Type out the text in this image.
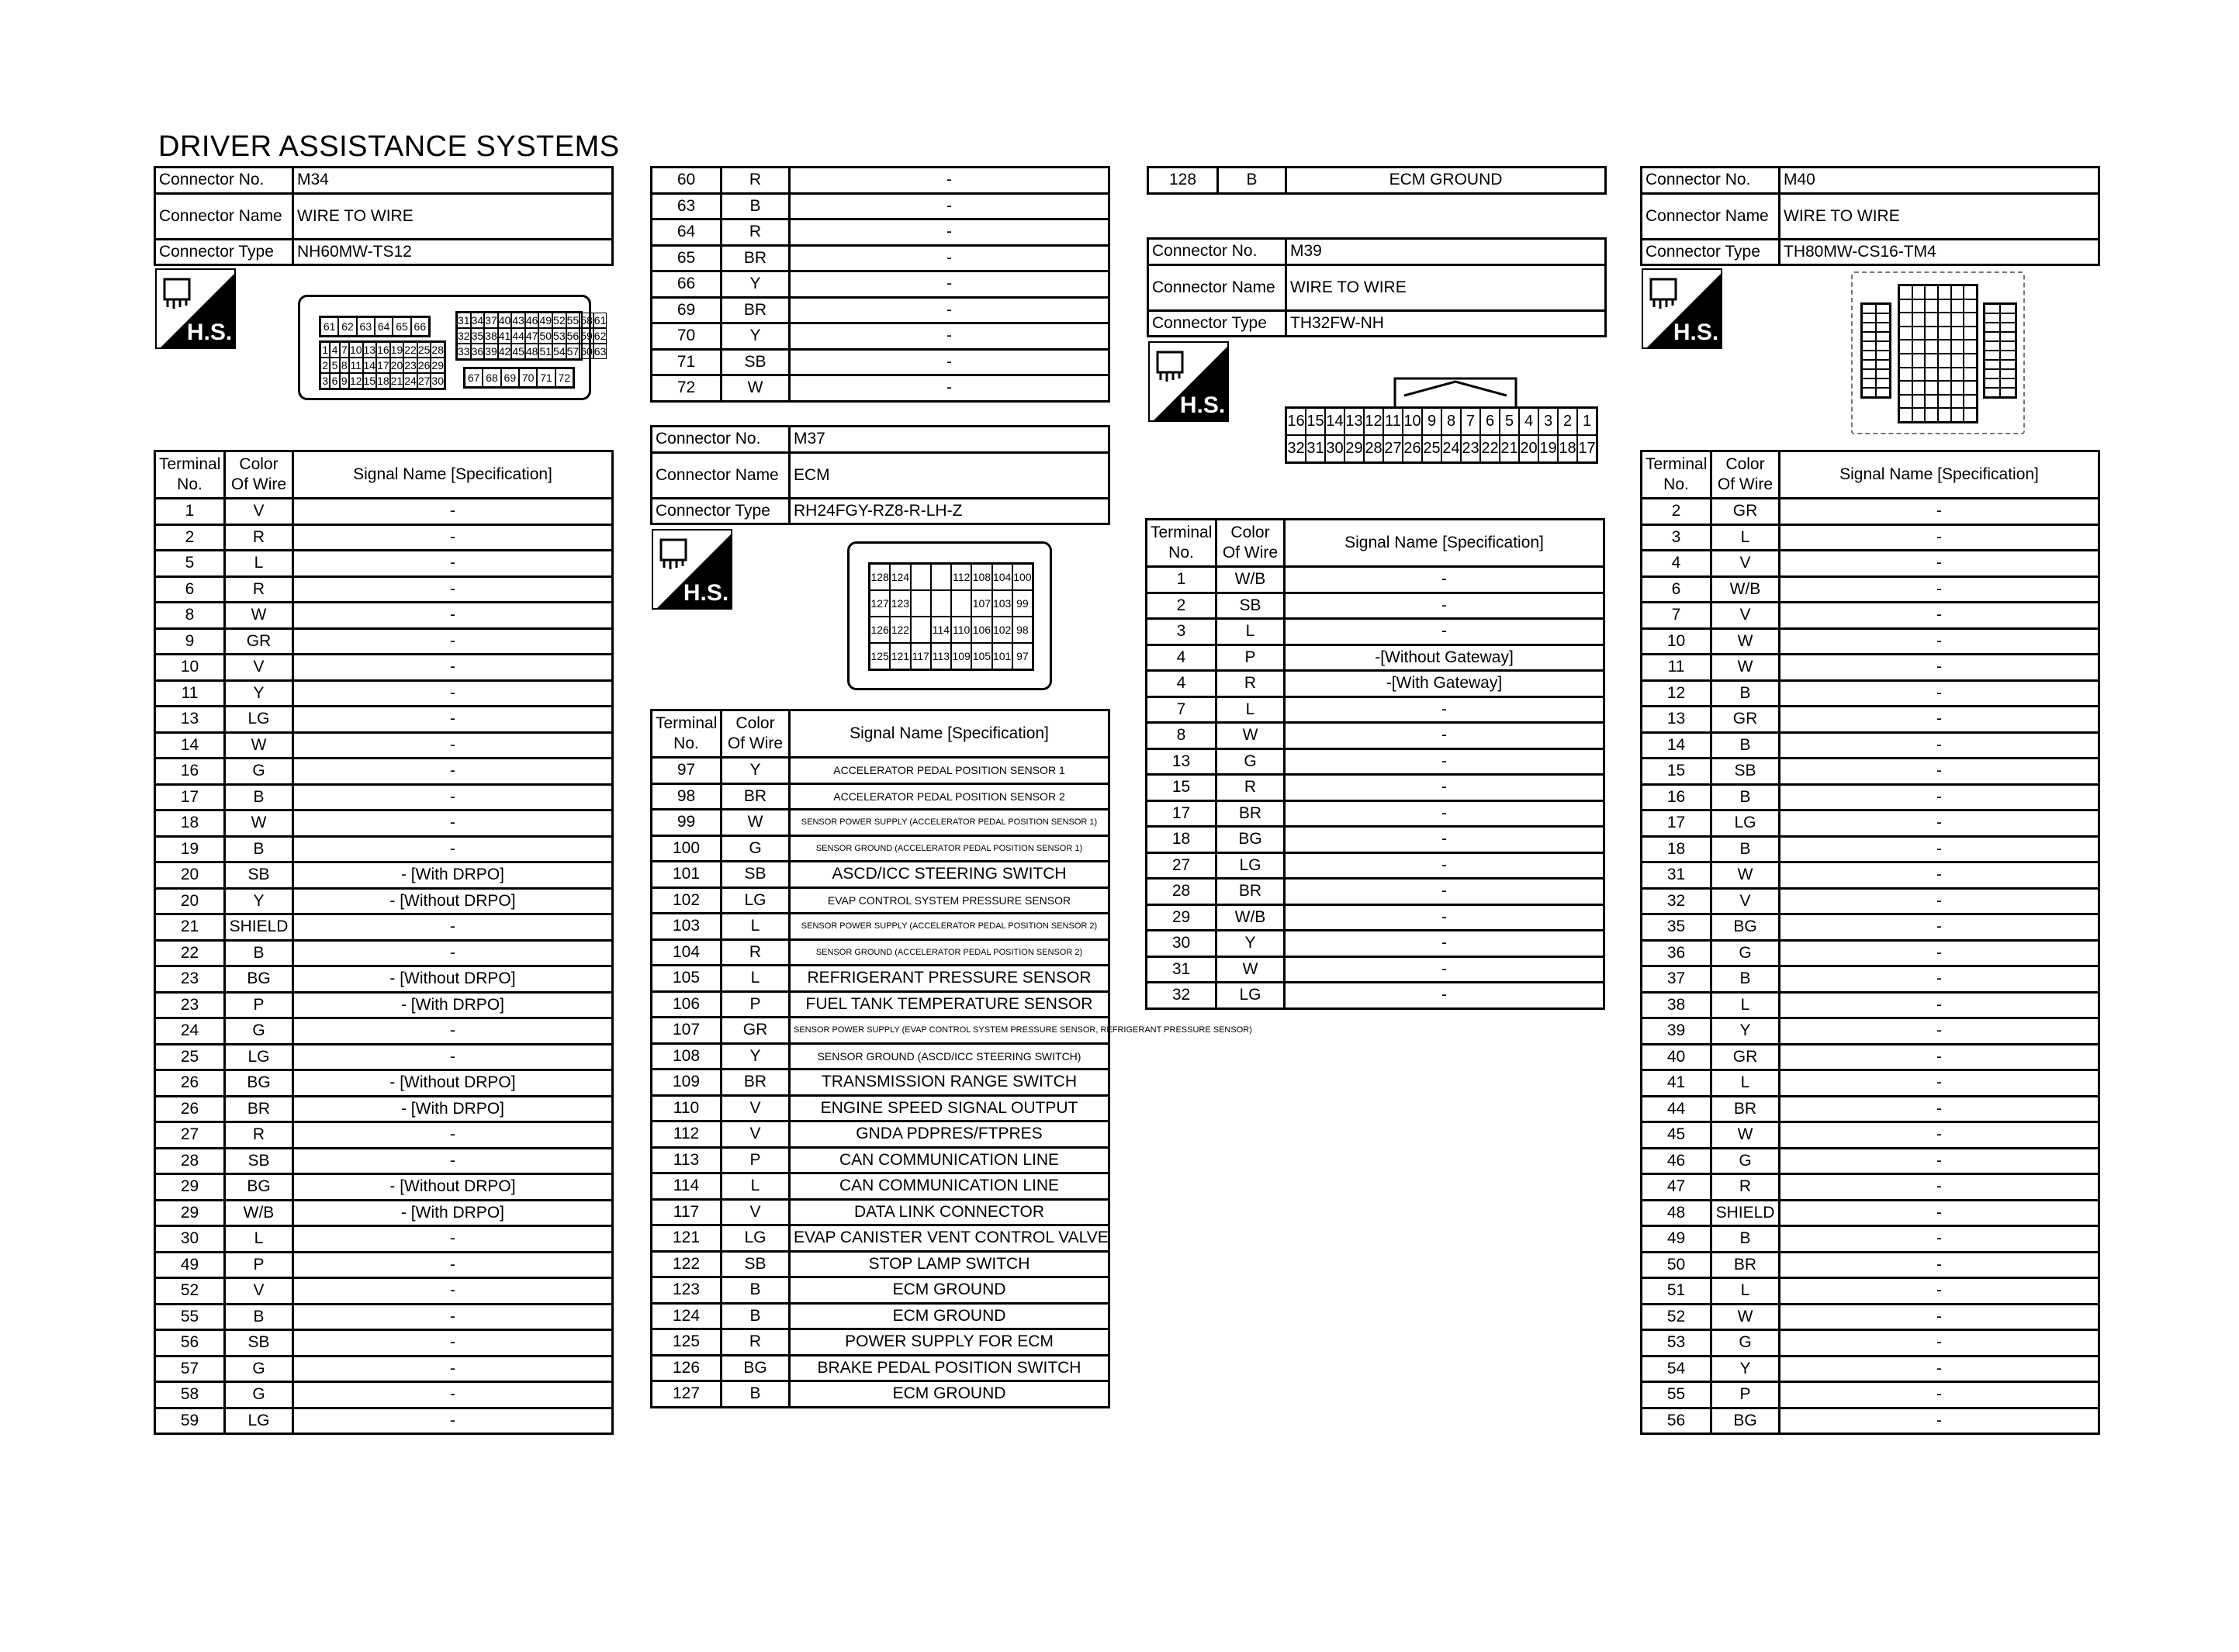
DRIVER ASSISTANCE SYSTEMS
Connector No.	M34
Connector Name	WIRE TO WIRE
Connector Type	NH60MW-TS12
H.S.	31 34 37 40 43 46 49 52 55 58 61
32 35 38 41 44 47 50 53 56 59 62
33 36 39 42 45 48 51 54 57 60 63
61 62 63 64 65 66
1 4 7 10 13 16 19 22 25 28
2 5 8 11 14 17 20 23 26 29
3 6 9 12 15 18 21 24 27 30 67 68 69 70 71 72
Terminal No.	Color Of Wire	Signal Name [Specification]
1	V	-
2	R	-
5	L	-
6	R	-
8	W	-
9	GR	-
10	V	-
11	Y	-
13	LG	-
14	W	-
16	G	-
17	B	-
18	W	-
19	B	-
20	SB	- [With DRPO]
20	Y	- [Without DRPO]
21	SHIELD	-
22	B	-
23	BG	- [Without DRPO]
23	P	- [With DRPO]
24	G	-
25	LG	-
26	BG	- [Without DRPO]
26	BR	- [With DRPO]
27	R	-
28	SB	-
29	BG	- [Without DRPO]
29	W/B	- [With DRPO]
30	L	-
49	P	-
52	V	-
55	B	-
56	SB	-
57	G	-
58	G	-
59	LG	-
60	R	-
63	B	-
64	R	-
65	BR	-
66	Y	-
69	BR	-
70	Y	-
71	SB	-
72	W	-
Connector No.	M37
Connector Name	ECM
Connector Type	RH24FGY-RZ8-R-LH-Z
H.S.
128 124	112 108 104 100
127 123	107 103 99
126 122 114 110 106 102 98
125 121 117 113 109 105 101 97
Terminal No.	Color Of Wire	Signal Name [Specification]
97	Y	ACCELERATOR PEDAL POSITION SENSOR 1
98	BR	ACCELERATOR PEDAL POSITION SENSOR 2
99	W	SENSOR POWER SUPPLY (ACCELERATOR PEDAL POSITION SENSOR 1)
100	G	SENSOR GROUND (ACCELERATOR PEDAL POSITION SENSOR 1)
101	SB	ASCD/ICC STEERING SWITCH
102	LG	EVAP CONTROL SYSTEM PRESSURE SENSOR
103	L	SENSOR POWER SUPPLY (ACCELERATOR PEDAL POSITION SENSOR 2)
104	R	SENSOR GROUND (ACCELERATOR PEDAL POSITION SENSOR 2)
105	L	REFRIGERANT PRESSURE SENSOR
106	P	FUEL TANK TEMPERATURE SENSOR
107	GR	SENSOR POWER SUPPLY (EVAP CONTROL SYSTEM PRESSURE SENSOR, REFRIGERANT PRESSURE SENSOR)
108	Y	SENSOR GROUND (ASCD/ICC STEERING SWITCH)
109	BR	TRANSMISSION RANGE SWITCH
110	V	ENGINE SPEED SIGNAL OUTPUT
112	V	GNDA PDPRES/FTPRES
113	P	CAN COMMUNICATION LINE
114	L	CAN COMMUNICATION LINE
117	V	DATA LINK CONNECTOR
121	LG	EVAP CANISTER VENT CONTROL VALVE
122	SB	STOP LAMP SWITCH
123	B	ECM GROUND
124	B	ECM GROUND
125	R	POWER SUPPLY FOR ECM
126	BG	BRAKE PEDAL POSITION SWITCH
127	B	ECM GROUND
128	B	ECM GROUND
Connector No.	M39
Connector Name	WIRE TO WIRE
Connector Type	TH32FW-NH
H.S.
16 15 14 13 12 11 10 9 8 7 6 5 4 3 2 1
32 31 30 29 28 27 26 25 24 23 22 21 20 19 18 17
Terminal No.	Color Of Wire	Signal Name [Specification]
1	W/B	-
2	SB	-
3	L	-
4	P	-[Without Gateway]
4	R	-[With Gateway]
7	L	-
8	W	-
13	G	-
15	R	-
17	BR	-
18	BG	-
27	LG	-
28	BR	-
29	W/B	-
30	Y	-
31	W	-
32	LG	-
Connector No.	M40
Connector Name	WIRE TO WIRE
Connector Type	TH80MW-CS16-TM4
H.S.
Terminal No.	Color Of Wire	Signal Name [Specification]
2	GR	-
3	L	-
4	V	-
6	W/B	-
7	V	-
10	W	-
11	W	-
12	B	-
13	GR	-
14	B	-
15	SB	-
16	B	-
17	LG	-
18	B	-
31	W	-
32	V	-
35	BG	-
36	G	-
37	B	-
38	L	-
39	Y	-
40	GR	-
41	L	-
44	BR	-
45	W	-
46	G	-
47	R	-
48	SHIELD	-
49	B	-
50	BR	-
51	L	-
52	W	-
53	G	-
54	Y	-
55	P	-
56	BG	-
